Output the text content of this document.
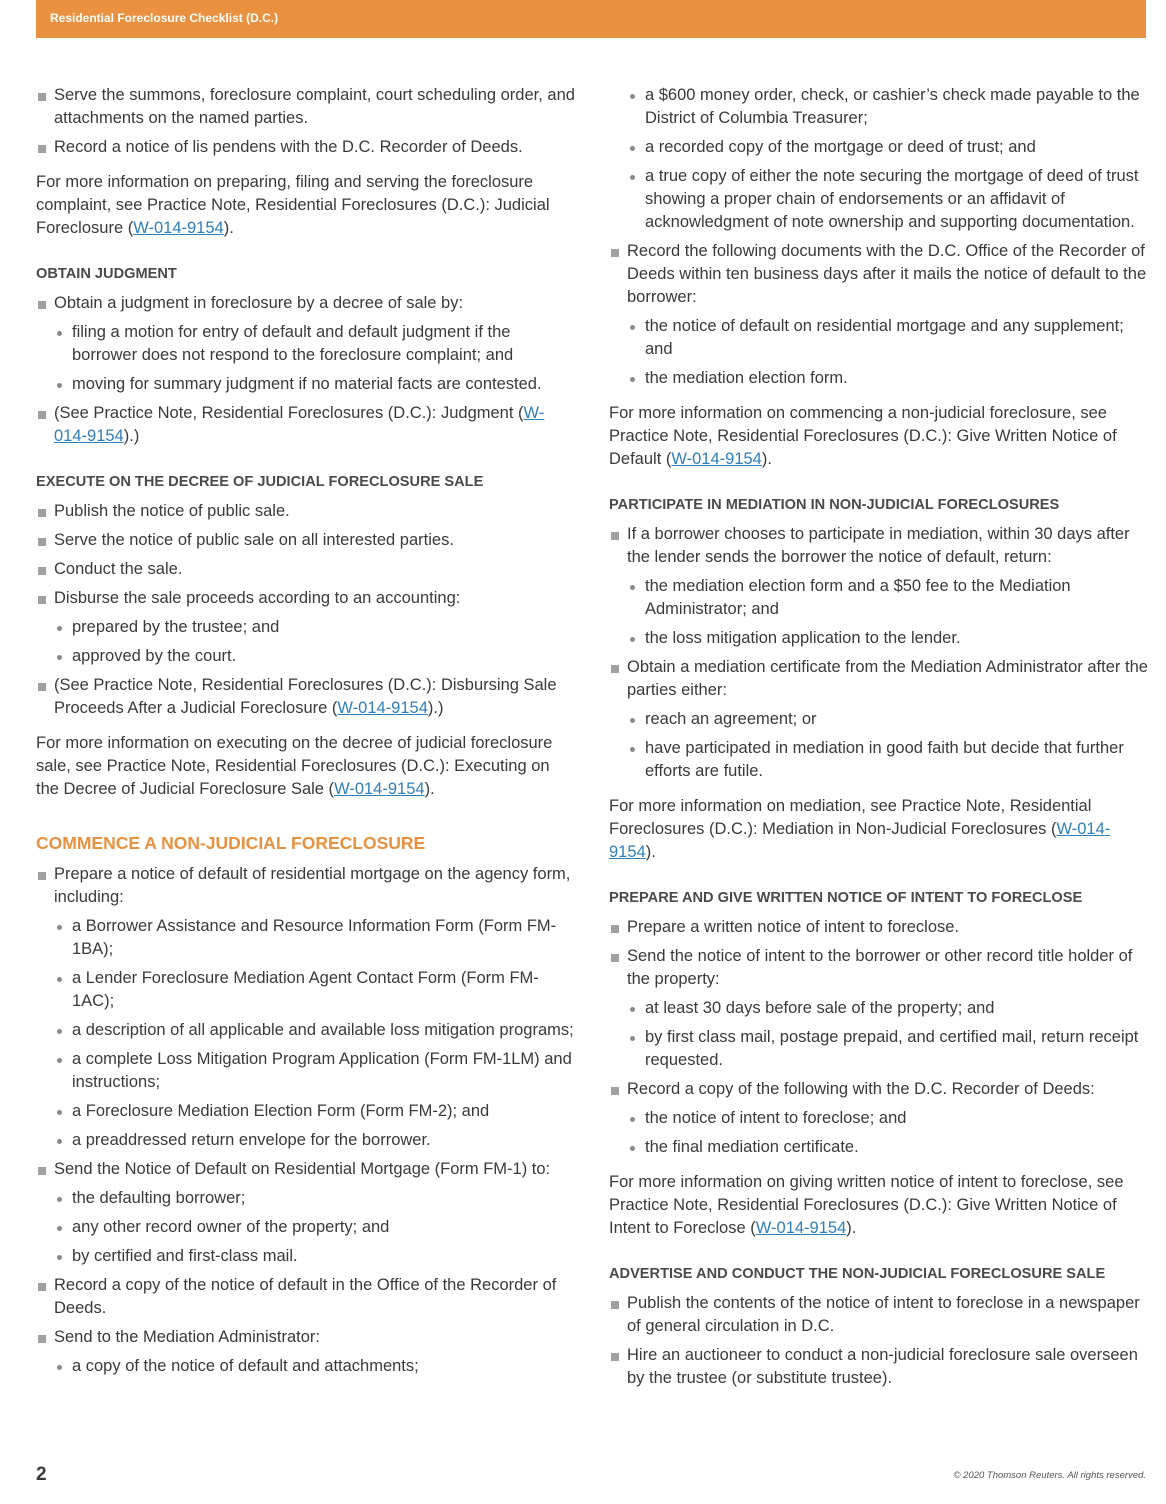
Residential Foreclosure Checklist (D.C.)
Serve the summons, foreclosure complaint, court scheduling order, and attachments on the named parties.
Record a notice of lis pendens with the D.C. Recorder of Deeds.
For more information on preparing, filing and serving the foreclosure complaint, see Practice Note, Residential Foreclosures (D.C.): Judicial Foreclosure (W-014-9154).
OBTAIN JUDGMENT
Obtain a judgment in foreclosure by a decree of sale by:
filing a motion for entry of default and default judgment if the borrower does not respond to the foreclosure complaint; and
moving for summary judgment if no material facts are contested.
(See Practice Note, Residential Foreclosures (D.C.): Judgment (W-014-9154).)
EXECUTE ON THE DECREE OF JUDICIAL FORECLOSURE SALE
Publish the notice of public sale.
Serve the notice of public sale on all interested parties.
Conduct the sale.
Disburse the sale proceeds according to an accounting:
prepared by the trustee; and
approved by the court.
(See Practice Note, Residential Foreclosures (D.C.): Disbursing Sale Proceeds After a Judicial Foreclosure (W-014-9154).)
For more information on executing on the decree of judicial foreclosure sale, see Practice Note, Residential Foreclosures (D.C.): Executing on the Decree of Judicial Foreclosure Sale (W-014-9154).
COMMENCE A NON-JUDICIAL FORECLOSURE
Prepare a notice of default of residential mortgage on the agency form, including:
a Borrower Assistance and Resource Information Form (Form FM-1BA);
a Lender Foreclosure Mediation Agent Contact Form (Form FM-1AC);
a description of all applicable and available loss mitigation programs;
a complete Loss Mitigation Program Application (Form FM-1LM) and instructions;
a Foreclosure Mediation Election Form (Form FM-2); and
a preaddressed return envelope for the borrower.
Send the Notice of Default on Residential Mortgage (Form FM-1) to:
the defaulting borrower;
any other record owner of the property; and
by certified and first-class mail.
Record a copy of the notice of default in the Office of the Recorder of Deeds.
Send to the Mediation Administrator:
a copy of the notice of default and attachments;
a $600 money order, check, or cashier’s check made payable to the District of Columbia Treasurer;
a recorded copy of the mortgage or deed of trust; and
a true copy of either the note securing the mortgage of deed of trust showing a proper chain of endorsements or an affidavit of acknowledgment of note ownership and supporting documentation.
Record the following documents with the D.C. Office of the Recorder of Deeds within ten business days after it mails the notice of default to the borrower:
the notice of default on residential mortgage and any supplement; and
the mediation election form.
For more information on commencing a non-judicial foreclosure, see Practice Note, Residential Foreclosures (D.C.): Give Written Notice of Default (W-014-9154).
PARTICIPATE IN MEDIATION IN NON-JUDICIAL FORECLOSURES
If a borrower chooses to participate in mediation, within 30 days after the lender sends the borrower the notice of default, return:
the mediation election form and a $50 fee to the Mediation Administrator; and
the loss mitigation application to the lender.
Obtain a mediation certificate from the Mediation Administrator after the parties either:
reach an agreement; or
have participated in mediation in good faith but decide that further efforts are futile.
For more information on mediation, see Practice Note, Residential Foreclosures (D.C.): Mediation in Non-Judicial Foreclosures (W-014-9154).
PREPARE AND GIVE WRITTEN NOTICE OF INTENT TO FORECLOSE
Prepare a written notice of intent to foreclose.
Send the notice of intent to the borrower or other record title holder of the property:
at least 30 days before sale of the property; and
by first class mail, postage prepaid, and certified mail, return receipt requested.
Record a copy of the following with the D.C. Recorder of Deeds:
the notice of intent to foreclose; and
the final mediation certificate.
For more information on giving written notice of intent to foreclose, see Practice Note, Residential Foreclosures (D.C.): Give Written Notice of Intent to Foreclose (W-014-9154).
ADVERTISE AND CONDUCT THE NON-JUDICIAL FORECLOSURE SALE
Publish the contents of the notice of intent to foreclose in a newspaper of general circulation in D.C.
Hire an auctioneer to conduct a non-judicial foreclosure sale overseen by the trustee (or substitute trustee).
2	© 2020 Thomson Reuters. All rights reserved.
